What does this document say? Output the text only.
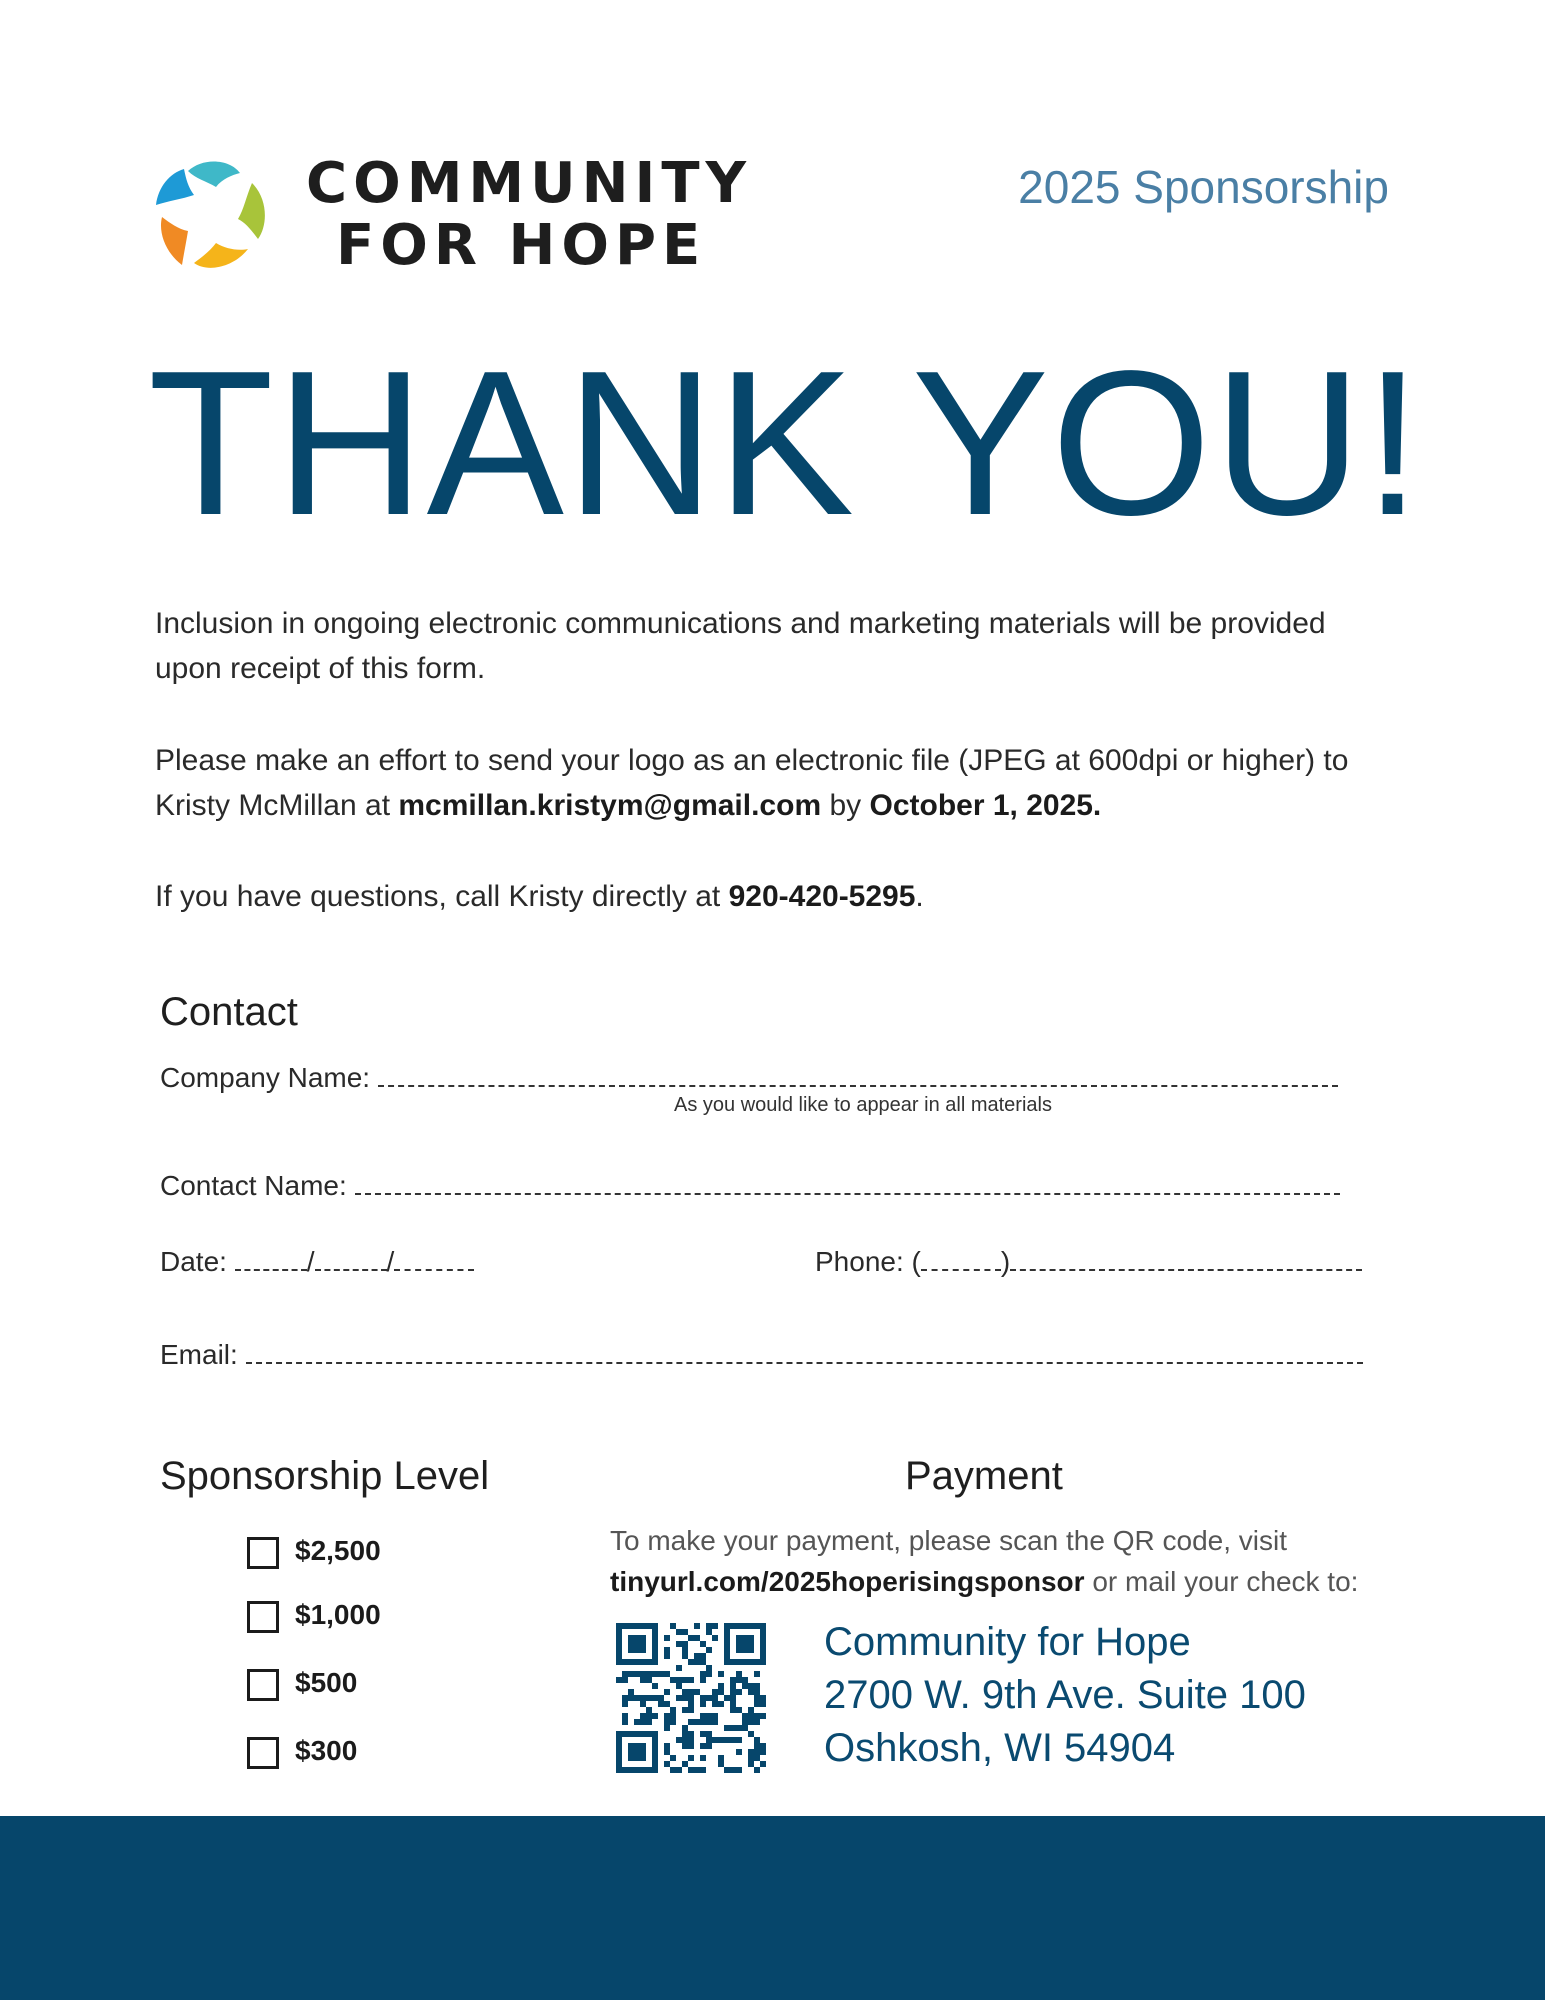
COMMUNITY
FOR HOPE
2025 Sponsorship
THANK YOU!
Inclusion in ongoing electronic communications and marketing materials will be provided upon receipt of this form.
Please make an effort to send your logo as an electronic file (JPEG at 600dpi or higher) to Kristy McMillan at mcmillan.kristym@gmail.com by October 1, 2025.
If you have questions, call Kristy directly at 920-420-5295.
Contact
Company Name:
As you would like to appear in all materials
Contact Name:
Date:	/	/	Phone: (	)
Email:
Sponsorship Level
$2,500
$1,000
$500
$300
Payment
To make your payment, please scan the QR code, visit tinyurl.com/2025hoperisingsponsor or mail your check to:
Community for Hope
2700 W. 9th Ave. Suite 100
Oshkosh, WI 54904
